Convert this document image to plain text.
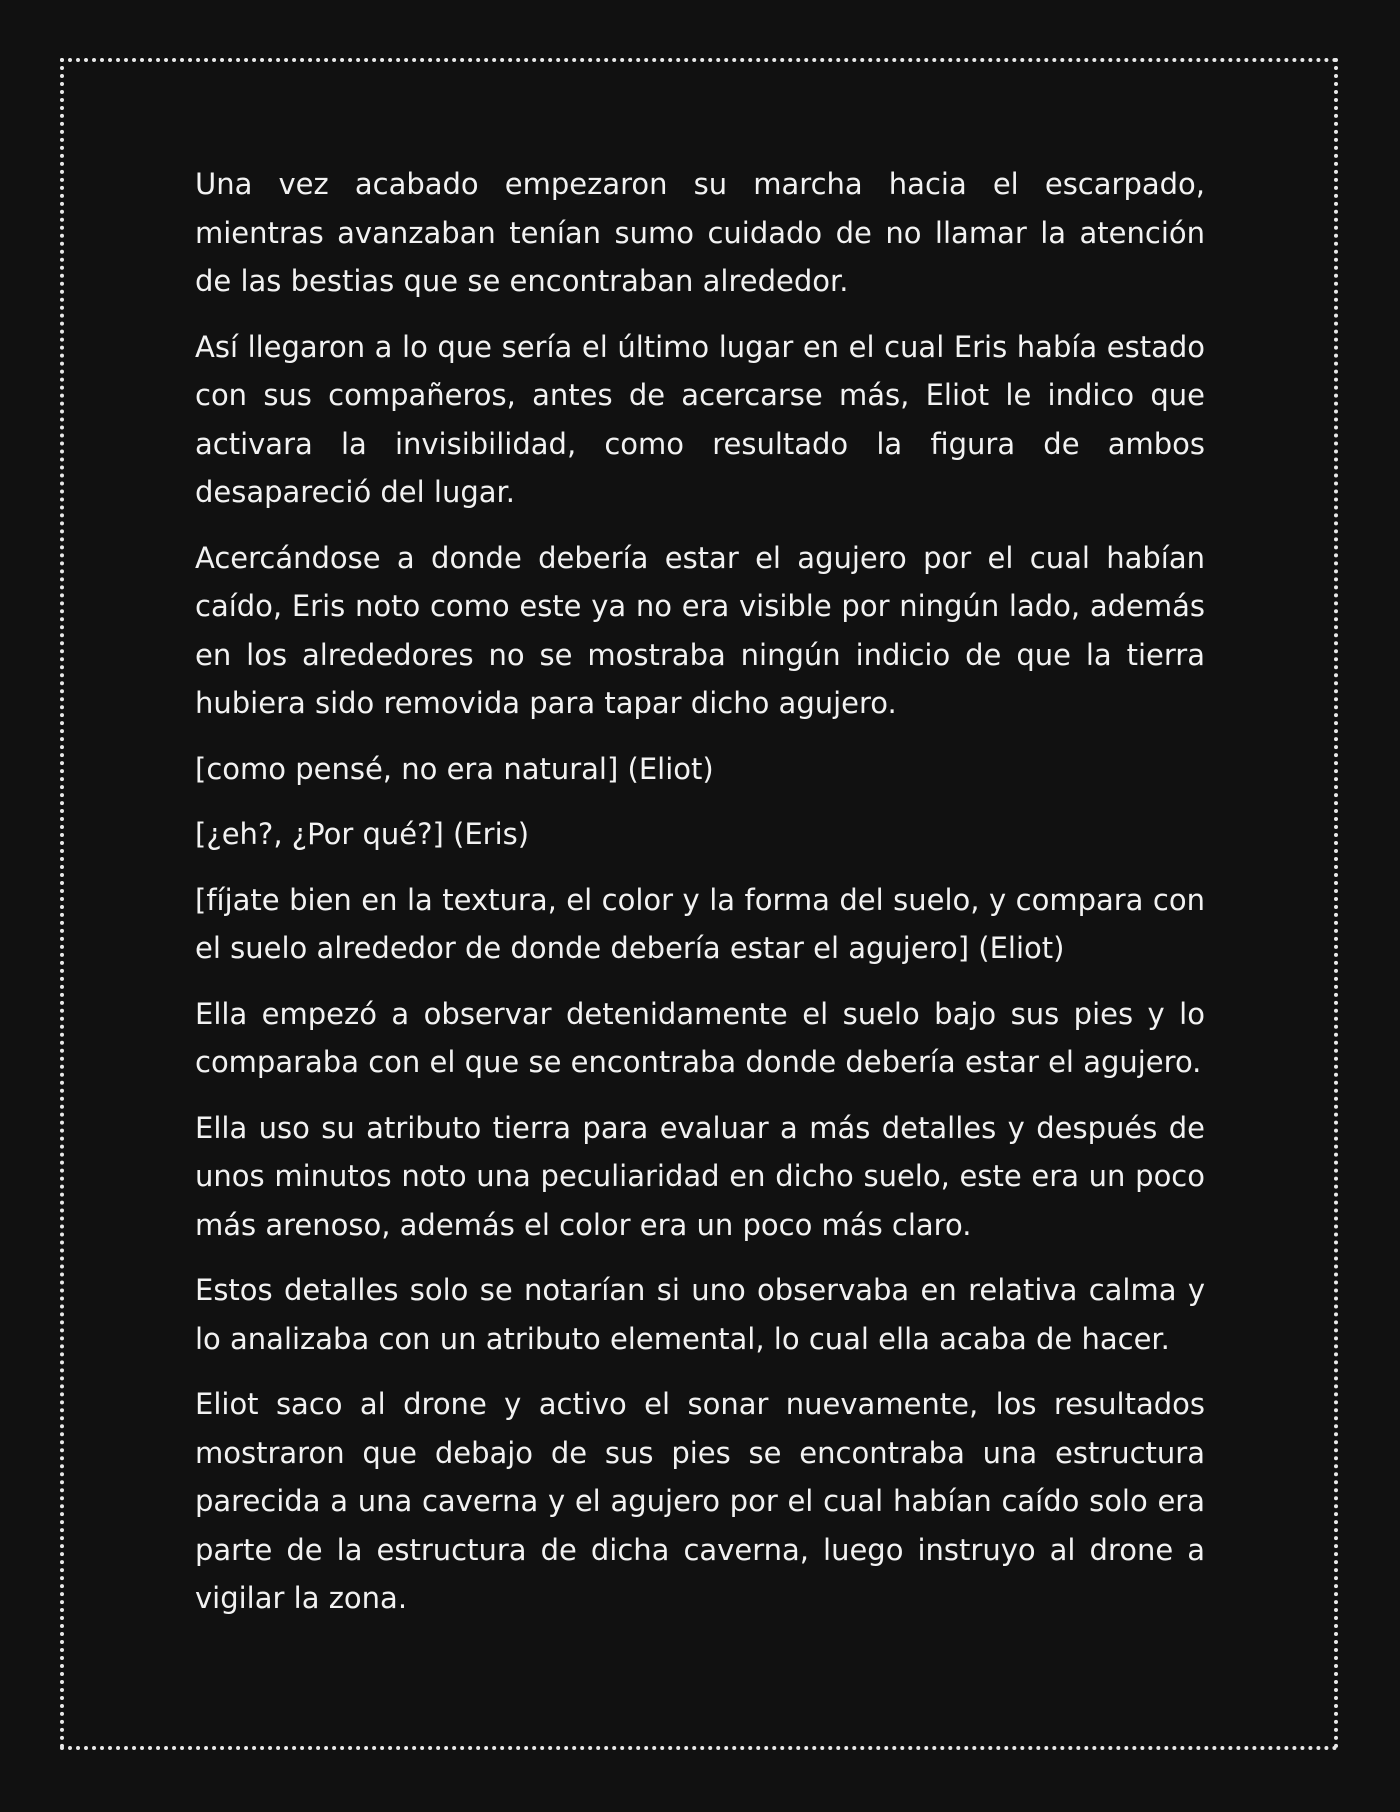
Una vez acabado empezaron su marcha hacia el escarpado, mientras avanzaban tenían sumo cuidado de no llamar la atención de las bestias que se encontraban alrededor.

Así llegaron a lo que sería el último lugar en el cual Eris había estado con sus compañeros, antes de acercarse más, Eliot le indico que activara la invisibilidad, como resultado la figura de ambos desapareció del lugar.

Acercándose a donde debería estar el agujero por el cual habían caído, Eris noto como este ya no era visible por ningún lado, además en los alrededores no se mostraba ningún indicio de que la tierra hubiera sido removida para tapar dicho agujero.

[como pensé, no era natural] (Eliot)

[¿eh?, ¿Por qué?] (Eris)

[fíjate bien en la textura, el color y la forma del suelo, y compara con el suelo alrededor de donde debería estar el agujero] (Eliot)

Ella empezó a observar detenidamente el suelo bajo sus pies y lo comparaba con el que se encontraba donde debería estar el agujero.

Ella uso su atributo tierra para evaluar a más detalles y después de unos minutos noto una peculiaridad en dicho suelo, este era un poco más arenoso, además el color era un poco más claro.

Estos detalles solo se notarían si uno observaba en relativa calma y lo analizaba con un atributo elemental, lo cual ella acaba de hacer.

Eliot saco al drone y activo el sonar nuevamente, los resultados mostraron que debajo de sus pies se encontraba una estructura parecida a una caverna y el agujero por el cual habían caído solo era parte de la estructura de dicha caverna, luego instruyo al drone a vigilar la zona.
